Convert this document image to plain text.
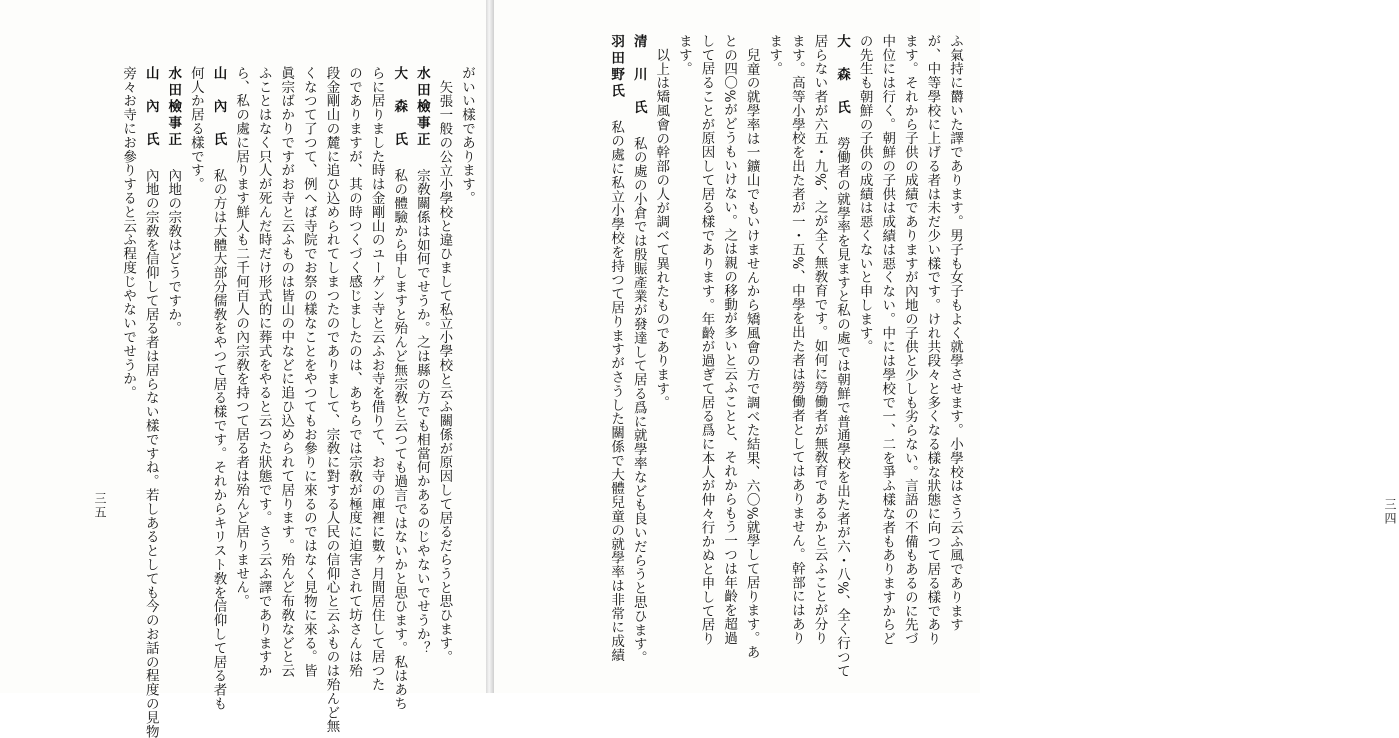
がいい樣であります。
矢張一般の公立小學校と違ひまして私立小學校と云ふ關係が原因して居るだらうと思ひます。
水田檢事正　宗敎關係は如何でせうか。之は縣の方でも相當何かあるのじやないでせうか？
大　森　氏　私の體驗から申しますと殆んど無宗敎と云つても過言ではないかと思ひます。私はあち
らに居りました時は金剛山のユーゲン寺と云ふお寺を借りて、お寺の庫裡に數ヶ月間居住して居つた
のでありますが、其の時つくづく感じましたのは、あちらでは宗敎が極度に迫害されて坊さんは殆
段金剛山の麓に追ひ込められてしまつたのでありまして、宗敎に對する人民の信仰心と云ふものは殆んど無
くなつて了つて、例へば寺院でお祭の樣なことをやつてもお參りに來るのではなく見物に來る。皆
眞宗ばかりですがお寺と云ふものは皆山の中などに追ひ込められて居ります。殆んど布敎などと云
ふことはなく只人が死んだ時だけ形式的に葬式をやると云つた狀態です。さう云ふ譯でありますか
ら、私の處に居ります鮮人も二千何百人の內宗敎を持つて居る者は殆んど居りません。
山　內　氏　私の方は大體大部分儒敎をやつて居る樣です。それからキリスト敎を信仰して居る者も
何人か居る樣です。
水田檢事正　內地の宗敎はどうですか。
山　內　氏　內地の宗敎を信仰して居る者は居らない樣ですね。若しあるとしても今のお話の程度の見物
旁々お寺にお參りすると云ふ程度じやないでせうか。
三五	ふ氣持に欝いた譯であります。男子も女子もよく就學させます。小學校はさう云ふ風であります
が、中等學校に上げる者は未だ少い樣です。けれ共段々と多くなる樣な狀態に向つて居る樣であり
ます。それから子供の成績でありますが內地の子供と少しも劣らない。言語の不備もあるのに先づ
中位には行く。朝鮮の子供は成績は惡くない。中には學校で一、二を爭ふ樣な者もありますからど
の先生も朝鮮の子供の成績は惡くないと申します。
大　森　氏　勞働者の就學率を見ますと私の處では朝鮮で普通學校を出た者が六・八%、全く行つて
居らない者が六五・九%、之が全く無敎育です。如何に勞働者が無敎育であるかと云ふことが分り
ます。高等小學校を出た者が一・五%、中學を出た者は勞働者としてはありません。幹部にはあり
ます。
兒童の就學率は一鑛山でもいけませんから矯風會の方で調べた結果、六〇%就學して居ります。あ
との四〇%がどうもいけない。之は親の移動が多いと云ふことと、それからもう一つは年齡を超過
して居ることが原因して居る樣であります。年齡が過ぎて居る爲に本人が仲々行かぬと申して居り
ます。
以上は矯風會の幹部の人が調べて異れたものであります。
清　川　氏　私の處の小倉では殷賑產業が發達して居る爲に就學率なども良いだらうと思ひます。
羽田野氏　私の處に私立小學校を持つて居りますがさうした關係で大體兒童の就學率は非常に成績	三四
